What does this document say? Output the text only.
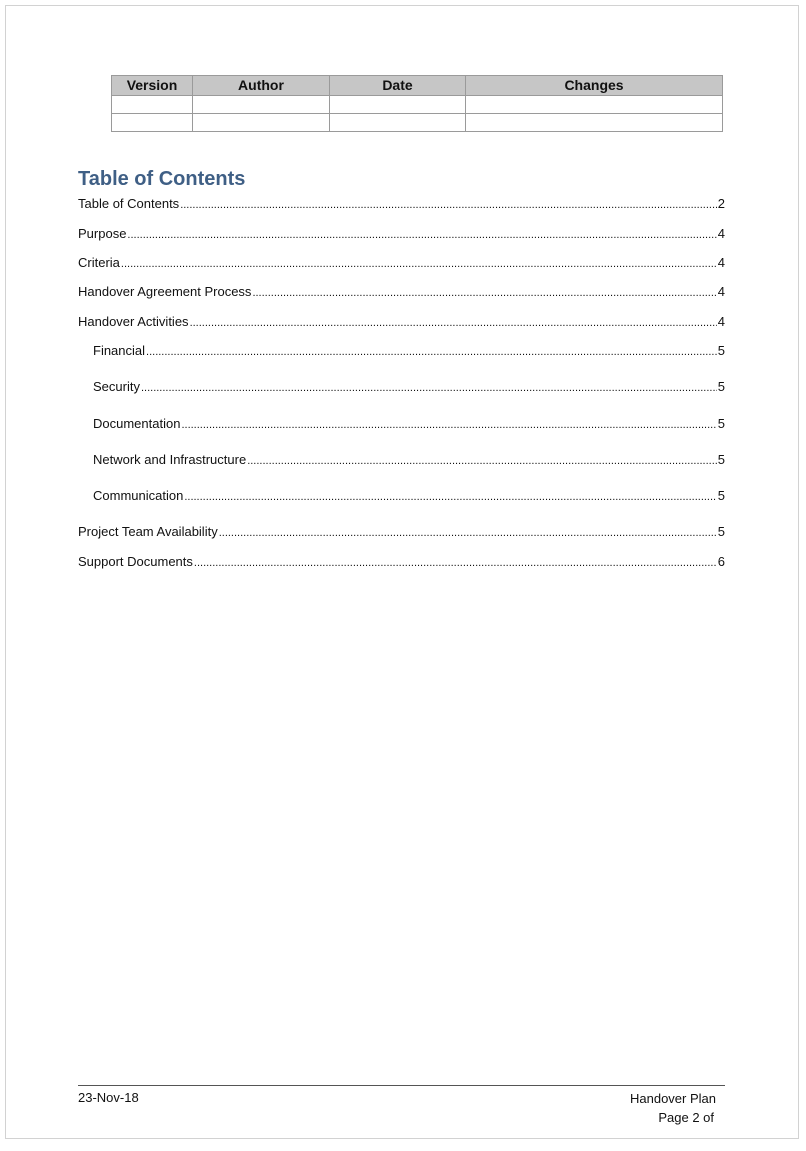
Version	Author	Date	Changes

Table of Contents
Table of Contents .....	2
Purpose .....	4
Criteria .....	4
Handover Agreement Process .....	4
Handover Activities .....	4
Financial .....	5
Security .....	5
Documentation .....	5
Network and Infrastructure .....	5
Communication .....	5
Project Team Availability .....	5
Support Documents .....	6
23-Nov-18	Handover Plan
Page 2 of
